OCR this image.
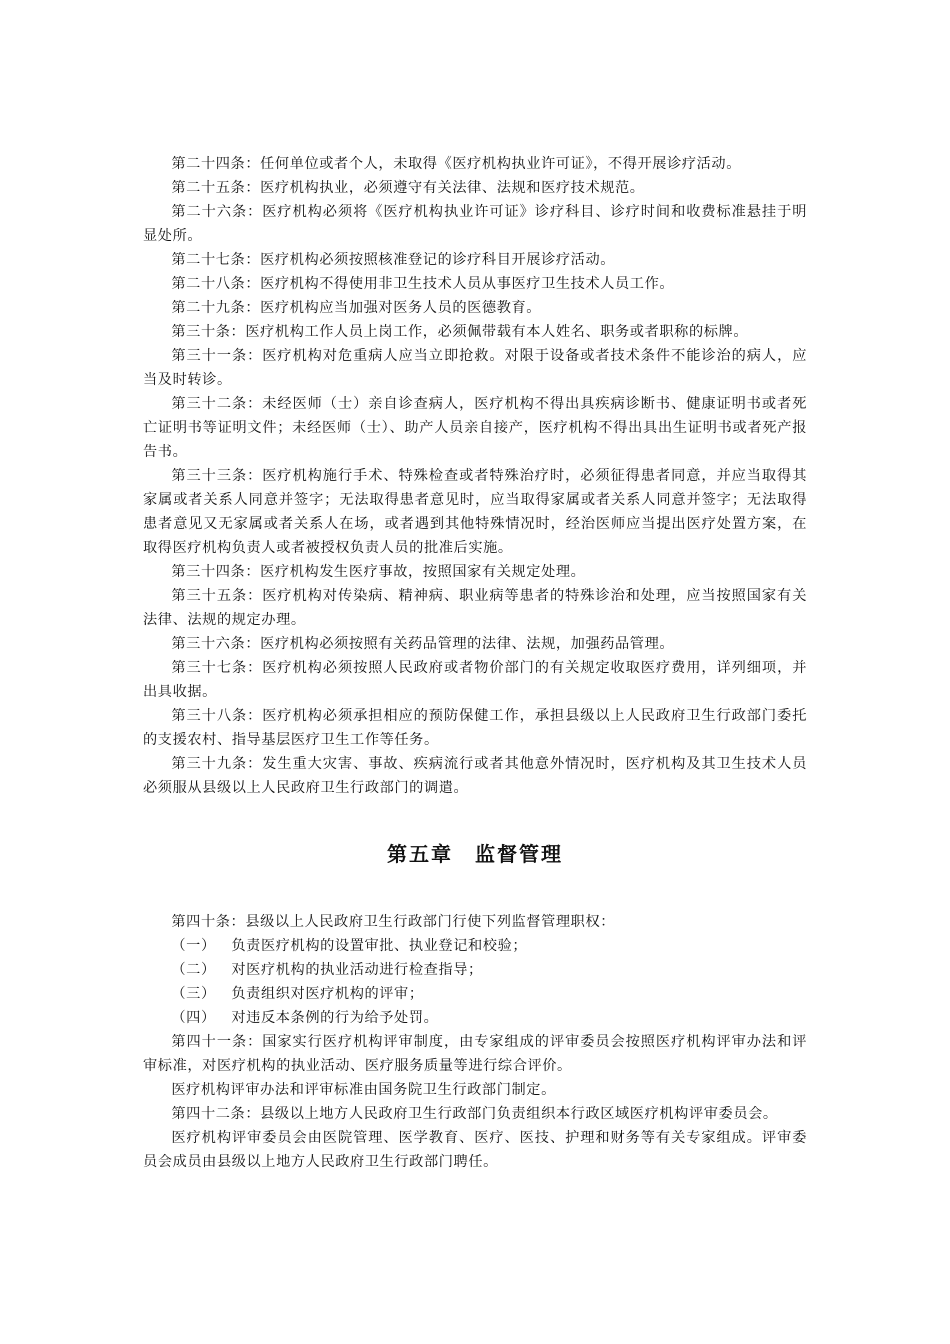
第二十四条：任何单位或者个人，未取得《医疗机构执业许可证》，不得开展诊疗活动。

第二十五条：医疗机构执业，必须遵守有关法律、法规和医疗技术规范。

第二十六条：医疗机构必须将《医疗机构执业许可证》诊疗科目、诊疗时间和收费标准悬挂于明显处所。

第二十七条：医疗机构必须按照核准登记的诊疗科目开展诊疗活动。

第二十八条：医疗机构不得使用非卫生技术人员从事医疗卫生技术人员工作。

第二十九条：医疗机构应当加强对医务人员的医德教育。

第三十条：医疗机构工作人员上岗工作，必须佩带载有本人姓名、职务或者职称的标牌。

第三十一条：医疗机构对危重病人应当立即抢救。对限于设备或者技术条件不能诊治的病人，应当及时转诊。

第三十二条：未经医师（士）亲自诊查病人，医疗机构不得出具疾病诊断书、健康证明书或者死亡证明书等证明文件；未经医师（士）、助产人员亲自接产，医疗机构不得出具出生证明书或者死产报告书。

第三十三条：医疗机构施行手术、特殊检查或者特殊治疗时，必须征得患者同意，并应当取得其家属或者关系人同意并签字；无法取得患者意见时，应当取得家属或者关系人同意并签字；无法取得患者意见又无家属或者关系人在场，或者遇到其他特殊情况时，经治医师应当提出医疗处置方案，在取得医疗机构负责人或者被授权负责人员的批准后实施。

第三十四条：医疗机构发生医疗事故，按照国家有关规定处理。

第三十五条：医疗机构对传染病、精神病、职业病等患者的特殊诊治和处理，应当按照国家有关法律、法规的规定办理。

第三十六条：医疗机构必须按照有关药品管理的法律、法规，加强药品管理。

第三十七条：医疗机构必须按照人民政府或者物价部门的有关规定收取医疗费用，详列细项，并出具收据。

第三十八条：医疗机构必须承担相应的预防保健工作，承担县级以上人民政府卫生行政部门委托的支援农村、指导基层医疗卫生工作等任务。

第三十九条：发生重大灾害、事故、疾病流行或者其他意外情况时，医疗机构及其卫生技术人员必须服从县级以上人民政府卫生行政部门的调遣。

第五章 监督管理

第四十条：县级以上人民政府卫生行政部门行使下列监督管理职权：

（一） 负责医疗机构的设置审批、执业登记和校验；

（二） 对医疗机构的执业活动进行检查指导；

（三） 负责组织对医疗机构的评审；

（四） 对违反本条例的行为给予处罚。

第四十一条：国家实行医疗机构评审制度，由专家组成的评审委员会按照医疗机构评审办法和评审标准，对医疗机构的执业活动、医疗服务质量等进行综合评价。

医疗机构评审办法和评审标准由国务院卫生行政部门制定。

第四十二条：县级以上地方人民政府卫生行政部门负责组织本行政区域医疗机构评审委员会。

医疗机构评审委员会由医院管理、医学教育、医疗、医技、护理和财务等有关专家组成。评审委员会成员由县级以上地方人民政府卫生行政部门聘任。
